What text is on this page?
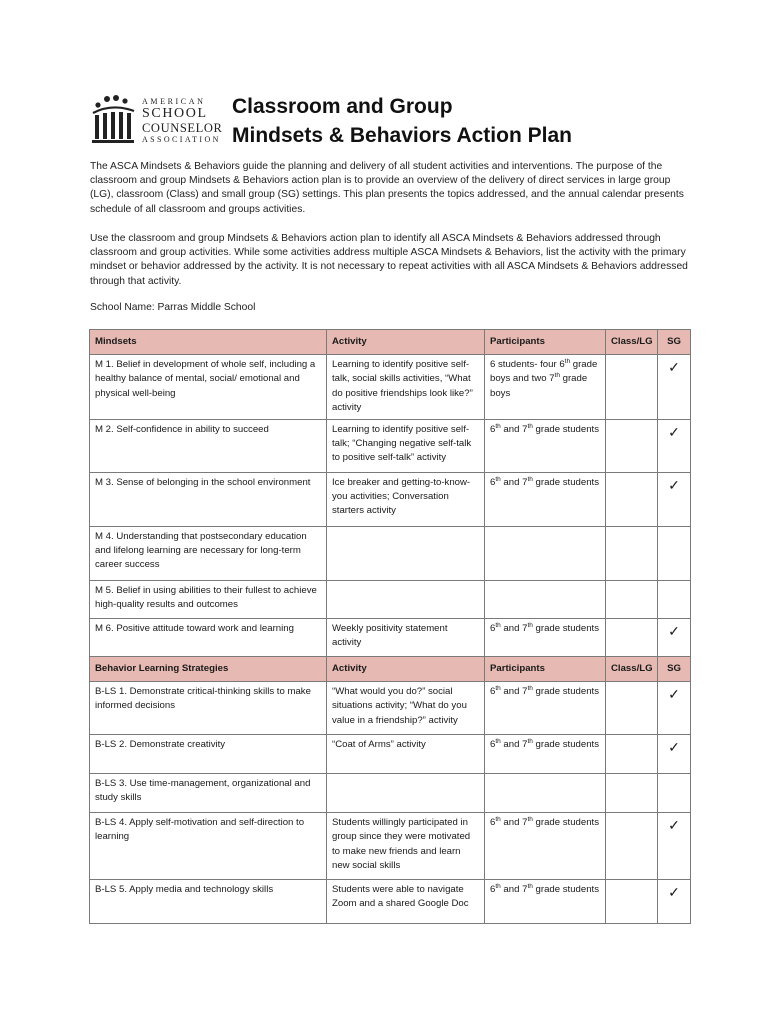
AMERICAN
SCHOOL
COUNSELOR
ASSOCIATION
Classroom and Group
Mindsets & Behaviors Action Plan
The ASCA Mindsets & Behaviors guide the planning and delivery of all student activities and interventions. The purpose of the classroom and group Mindsets & Behaviors action plan is to provide an overview of the delivery of direct services in large group (LG), classroom (Class) and small group (SG) settings. This plan presents the topics addressed, and the annual calendar presents schedule of all classroom and groups activities.
Use the classroom and group Mindsets & Behaviors action plan to identify all ASCA Mindsets & Behaviors addressed through classroom and group activities. While some activities address multiple ASCA Mindsets & Behaviors, list the activity with the primary mindset or behavior addressed by the activity. It is not necessary to repeat activities with all ASCA Mindsets & Behaviors addressed through that activity.
School Name: Parras Middle School
Mindsets	Activity	Participants	Class/LG	SG
M 1. Belief in development of whole self, including a healthy balance of mental, social/ emotional and physical well-being	Learning to identify positive self-talk, social skills activities, “What do positive friendships look like?” activity	6 students- four 6th grade boys and two 7th grade boys		✓
M 2. Self-confidence in ability to succeed	Learning to identify positive self-talk; “Changing negative self-talk to positive self-talk” activity	6th and 7th grade students		✓
M 3. Sense of belonging in the school environment	Ice breaker and getting-to-know-you activities; Conversation starters activity	6th and 7th grade students		✓
M 4. Understanding that postsecondary education and lifelong learning are necessary for long-term career success				
M 5. Belief in using abilities to their fullest to achieve high-quality results and outcomes				
M 6. Positive attitude toward work and learning	Weekly positivity statement activity	6th and 7th grade students		✓
Behavior Learning Strategies	Activity	Participants	Class/LG	SG
B-LS 1. Demonstrate critical-thinking skills to make informed decisions	“What would you do?” social situations activity; “What do you value in a friendship?” activity	6th and 7th grade students		✓
B-LS 2. Demonstrate creativity	“Coat of Arms” activity	6th and 7th grade students		✓
B-LS 3. Use time-management, organizational and study skills				
B-LS 4. Apply self-motivation and self-direction to learning	Students willingly participated in group since they were motivated to make new friends and learn new social skills	6th and 7th grade students		✓
B-LS 5. Apply media and technology skills	Students were able to navigate Zoom and a shared Google Doc	6th and 7th grade students		✓
